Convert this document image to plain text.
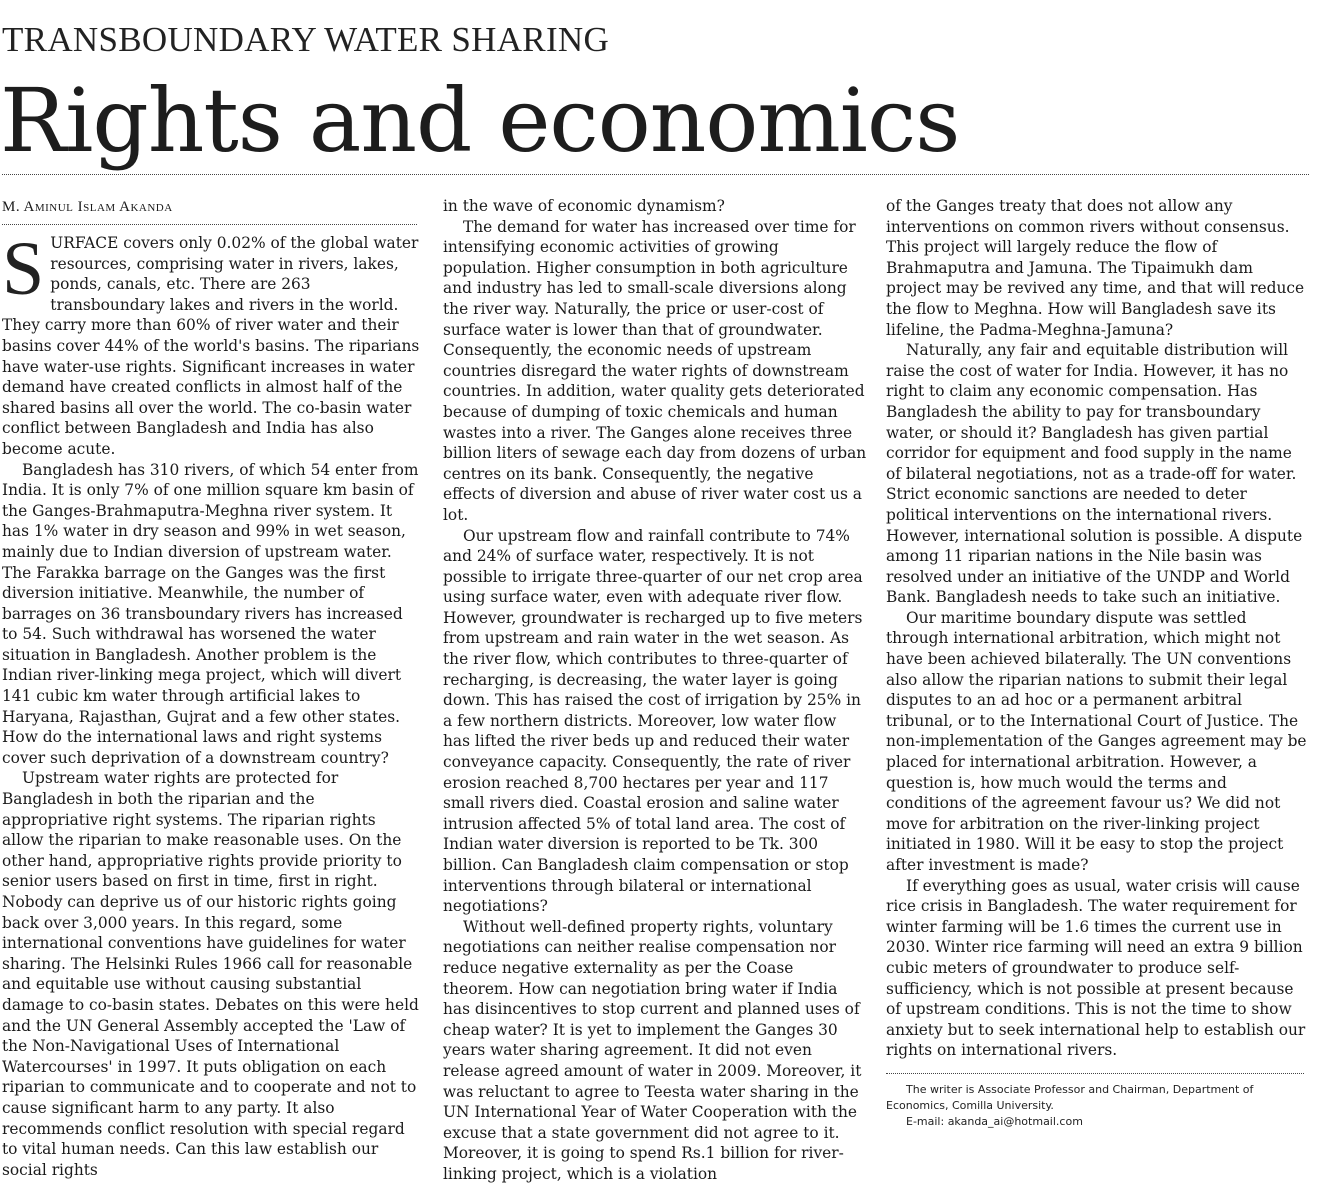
TRANSBOUNDARY WATER SHARING
Rights and economics
M. Aminul Islam Akanda

SURFACE covers only 0.02% of the global water resources, comprising water in rivers, lakes, ponds, canals, etc. There are 263 transboundary lakes and rivers in the world. They carry more than 60% of river water and their basins cover 44% of the world's basins. The riparians have water-use rights. Significant increases in water demand have created conflicts in almost half of the shared basins all over the world. The co-basin water conflict between Bangladesh and India has also become acute.

Bangladesh has 310 rivers, of which 54 enter from India. It is only 7% of one million square km basin of the Ganges-Brahmaputra-Meghna river system. It has 1% water in dry season and 99% in wet season, mainly due to Indian diversion of upstream water. The Farakka barrage on the Ganges was the first diversion initiative. Meanwhile, the number of barrages on 36 transboundary rivers has increased to 54. Such withdrawal has worsened the water situation in Bangladesh. Another problem is the Indian river-linking mega project, which will divert 141 cubic km water through artificial lakes to Haryana, Rajasthan, Gujrat and a few other states. How do the international laws and right systems cover such deprivation of a downstream country?

Upstream water rights are protected for Bangladesh in both the riparian and the appropriative right systems. The riparian rights allow the riparian to make reasonable uses. On the other hand, appropriative rights provide priority to senior users based on first in time, first in right. Nobody can deprive us of our historic rights going back over 3,000 years. In this regard, some international conventions have guidelines for water sharing. The Helsinki Rules 1966 call for reasonable and equitable use without causing substantial damage to co-basin states. Debates on this were held and the UN General Assembly accepted the 'Law of the Non-Navigational Uses of International Watercourses' in 1997. It puts obligation on each riparian to communicate and to cooperate and not to cause significant harm to any party. It also recommends conflict resolution with special regard to vital human needs. Can this law establish our social rights

in the wave of economic dynamism?

The demand for water has increased over time for intensifying economic activities of growing population. Higher consumption in both agriculture and industry has led to small-scale diversions along the river way. Naturally, the price or user-cost of surface water is lower than that of groundwater. Consequently, the economic needs of upstream countries disregard the water rights of downstream countries. In addition, water quality gets deteriorated because of dumping of toxic chemicals and human wastes into a river. The Ganges alone receives three billion liters of sewage each day from dozens of urban centres on its bank. Consequently, the negative effects of diversion and abuse of river water cost us a lot.

Our upstream flow and rainfall contribute to 74% and 24% of surface water, respectively. It is not possible to irrigate three-quarter of our net crop area using surface water, even with adequate river flow. However, groundwater is recharged up to five meters from upstream and rain water in the wet season. As the river flow, which contributes to three-quarter of recharging, is decreasing, the water layer is going down. This has raised the cost of irrigation by 25% in a few northern districts. Moreover, low water flow has lifted the river beds up and reduced their water conveyance capacity. Consequently, the rate of river erosion reached 8,700 hectares per year and 117 small rivers died. Coastal erosion and saline water intrusion affected 5% of total land area. The cost of Indian water diversion is reported to be Tk. 300 billion. Can Bangladesh claim compensation or stop interventions through bilateral or international negotiations?

Without well-defined property rights, voluntary negotiations can neither realise compensation nor reduce negative externality as per the Coase theorem. How can negotiation bring water if India has disincentives to stop current and planned uses of cheap water? It is yet to implement the Ganges 30 years water sharing agreement. It did not even release agreed amount of water in 2009. Moreover, it was reluctant to agree to Teesta water sharing in the UN International Year of Water Cooperation with the excuse that a state government did not agree to it. Moreover, it is going to spend Rs.1 billion for river-linking project, which is a violation

of the Ganges treaty that does not allow any interventions on common rivers without consensus. This project will largely reduce the flow of Brahmaputra and Jamuna. The Tipaimukh dam project may be revived any time, and that will reduce the flow to Meghna. How will Bangladesh save its lifeline, the Padma-Meghna-Jamuna?

Naturally, any fair and equitable distribution will raise the cost of water for India. However, it has no right to claim any economic compensation. Has Bangladesh the ability to pay for transboundary water, or should it? Bangladesh has given partial corridor for equipment and food supply in the name of bilateral negotiations, not as a trade-off for water. Strict economic sanctions are needed to deter political interventions on the international rivers. However, international solution is possible. A dispute among 11 riparian nations in the Nile basin was resolved under an initiative of the UNDP and World Bank. Bangladesh needs to take such an initiative.

Our maritime boundary dispute was settled through international arbitration, which might not have been achieved bilaterally. The UN conventions also allow the riparian nations to submit their legal disputes to an ad hoc or a permanent arbitral tribunal, or to the International Court of Justice. The non-implementation of the Ganges agreement may be placed for international arbitration. However, a question is, how much would the terms and conditions of the agreement favour us? We did not move for arbitration on the river-linking project initiated in 1980. Will it be easy to stop the project after investment is made?

If everything goes as usual, water crisis will cause rice crisis in Bangladesh. The water requirement for winter farming will be 1.6 times the current use in 2030. Winter rice farming will need an extra 9 billion cubic meters of groundwater to produce self-sufficiency, which is not possible at present because of upstream conditions. This is not the time to show anxiety but to seek international help to establish our rights on international rivers.

The writer is Associate Professor and Chairman, Department of Economics, Comilla University.

E-mail: akanda_ai@hotmail.com
